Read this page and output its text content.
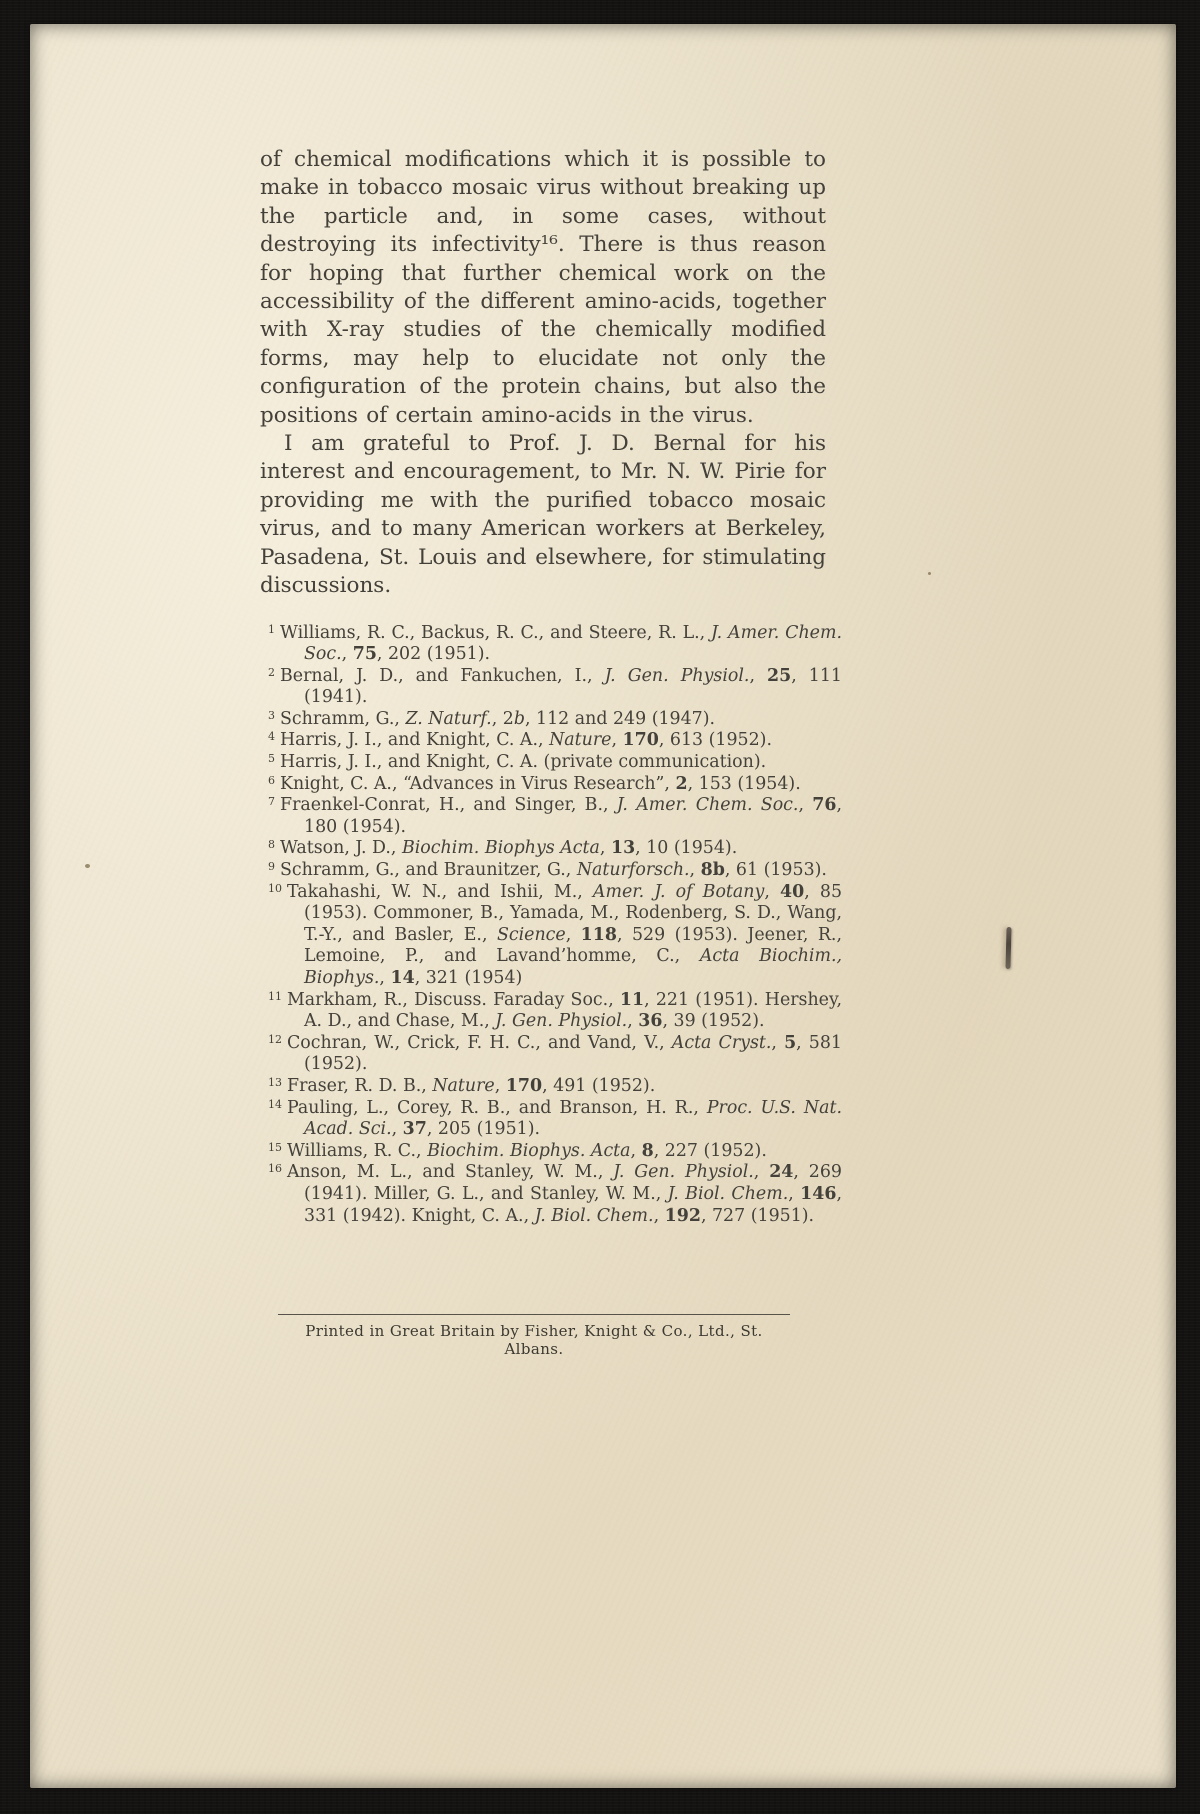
of chemical modifications which it is possible to make in tobacco mosaic virus without breaking up the particle and, in some cases, without destroying its infectivity¹⁶. There is thus reason for hoping that further chemical work on the accessibility of the different amino-acids, together with X-ray studies of the chemically modified forms, may help to elucidate not only the configuration of the protein chains, but also the positions of certain amino-acids in the virus.

I am grateful to Prof. J. D. Bernal for his interest and encouragement, to Mr. N. W. Pirie for providing me with the purified tobacco mosaic virus, and to many American workers at Berkeley, Pasadena, St. Louis and elsewhere, for stimulating discussions.

$^1$ Williams, R. C., Backus, R. C., and Steere, R. L., J. Amer. Chem. Soc., 75, 202 (1951).
$^2$ Bernal, J. D., and Fankuchen, I., J. Gen. Physiol., 25, 111 (1941).
$^3$ Schramm, G., Z. Naturf., 2b, 112 and 249 (1947).
$^4$ Harris, J. I., and Knight, C. A., Nature, 170, 613 (1952).
$^5$ Harris, J. I., and Knight, C. A. (private communication).
$^6$ Knight, C. A., “Advances in Virus Research”, 2, 153 (1954).
$^7$ Fraenkel-Conrat, H., and Singer, B., J. Amer. Chem. Soc., 76, 180 (1954).
$^8$ Watson, J. D., Biochim. Biophys Acta, 13, 10 (1954).
$^9$ Schramm, G., and Braunitzer, G., Naturforsch., 8b, 61 (1953).
$^{10}$ Takahashi, W. N., and Ishii, M., Amer. J. of Botany, 40, 85 (1953). Commoner, B., Yamada, M., Rodenberg, S. D., Wang, T.-Y., and Basler, E., Science, 118, 529 (1953). Jeener, R., Lemoine, P., and Lavand’homme, C., Acta Biochim., Biophys., 14, 321 (1954)
$^{11}$ Markham, R., Discuss. Faraday Soc., 11, 221 (1951). Hershey, A. D., and Chase, M., J. Gen. Physiol., 36, 39 (1952).
$^{12}$ Cochran, W., Crick, F. H. C., and Vand, V., Acta Cryst., 5, 581 (1952).
$^{13}$ Fraser, R. D. B., Nature, 170, 491 (1952).
$^{14}$ Pauling, L., Corey, R. B., and Branson, H. R., Proc. U.S. Nat. Acad. Sci., 37, 205 (1951).
$^{15}$ Williams, R. C., Biochim. Biophys. Acta, 8, 227 (1952).
$^{16}$ Anson, M. L., and Stanley, W. M., J. Gen. Physiol., 24, 269 (1941). Miller, G. L., and Stanley, W. M., J. Biol. Chem., 146, 331 (1942). Knight, C. A., J. Biol. Chem., 192, 727 (1951).
Printed in Great Britain by Fisher, Knight & Co., Ltd., St. Albans.
